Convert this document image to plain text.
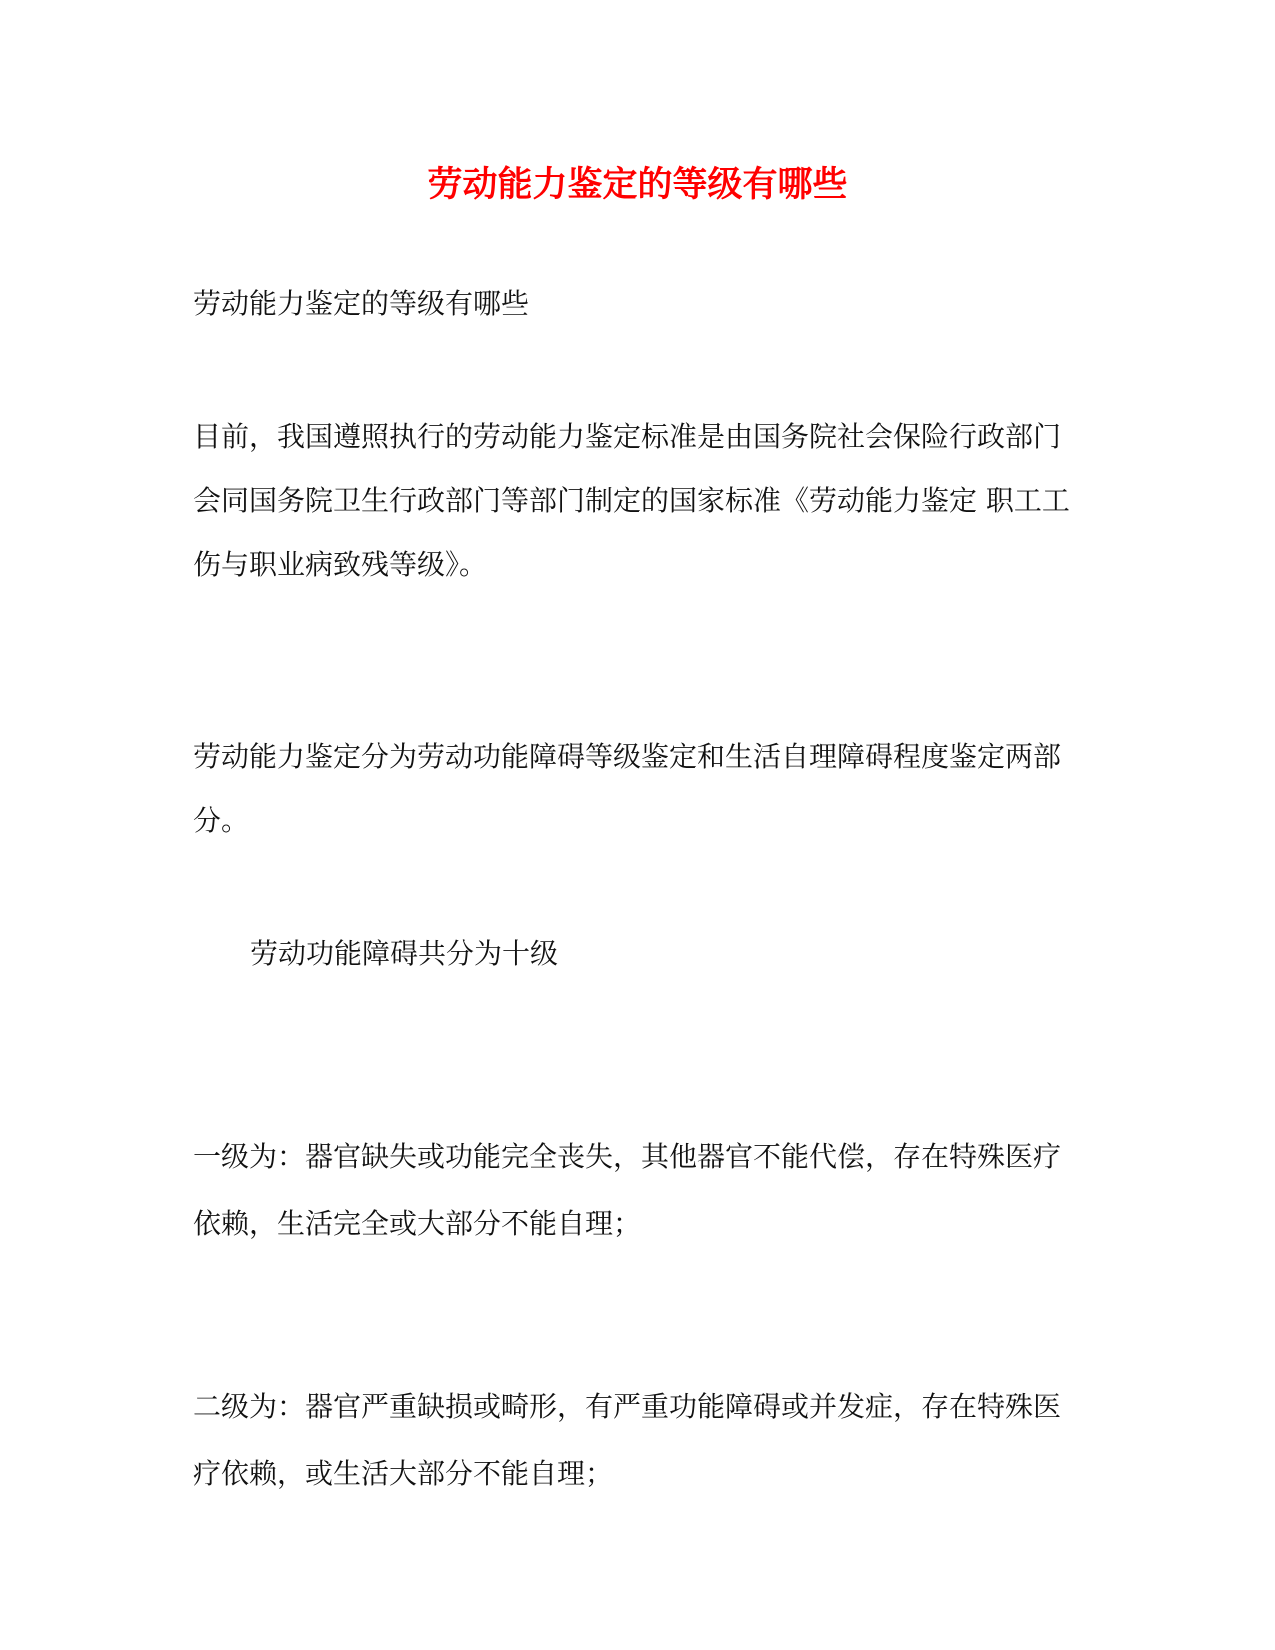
劳动能力鉴定的等级有哪些

劳动能力鉴定的等级有哪些

目前，我国遵照执行的劳动能力鉴定标准是由国务院社会保险行政部门会同国务院卫生行政部门等部门制定的国家标准《劳动能力鉴定 职工工伤与职业病致残等级》。

劳动能力鉴定分为劳动功能障碍等级鉴定和生活自理障碍程度鉴定两部分。

劳动功能障碍共分为十级

一级为：器官缺失或功能完全丧失，其他器官不能代偿，存在特殊医疗依赖，生活完全或大部分不能自理；

二级为：器官严重缺损或畸形，有严重功能障碍或并发症，存在特殊医疗依赖，或生活大部分不能自理；
